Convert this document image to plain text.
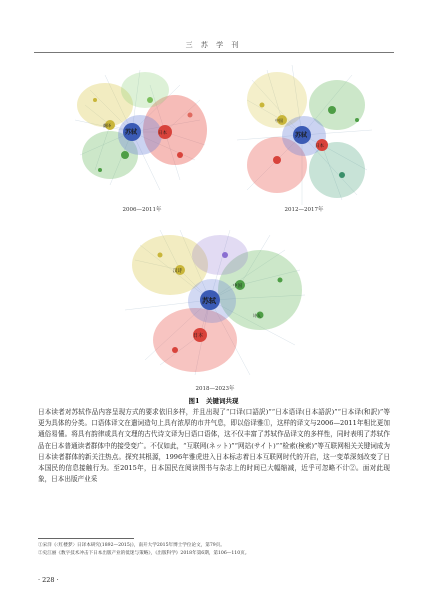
三 苏 学 刊
苏轼	日本
翻译
2006—2011年
苏轼
日本
中国
2012—2017年
苏轼
日本
汉诗
中国
诗人
2018—2023年
图1　关键词共现

日本读者对苏轼作品内容呈现方式的要求依旧多样，并且出现了“口译(口語訳)”“日本语译(日本語訳)”“日本译(和訳)”等更为具体的分类。口语体译文在遣词造句上具有浓厚的市井气息，即以俗译雅①，这样的译文与2006—2011年相比更加通俗易懂。将具有韵律或具有文理的古代诗文译为日语口语体，这不仅丰富了苏轼作品译文的多样性，同时表明了苏轼作品在日本普通读者群体中的接受变广。不仅如此，“互联网(ネット)”“网站(サイト)”“检索(検索)”等互联网相关关键词成为日本读者群体的新关注热点。探究其根源，1996年雅虎进入日本标志着日本互联网时代的开启，这一变革深刻改变了日本国民的信息接触行为。至2015年，日本国民在阅读图书与杂志上的时间已大幅缩减，近乎可忽略不计②。面对此现象，日本出版产业采

①宋洋《〈红楼梦〉日译本研究(1892—2015)》，南开大学2015年博士学位论文，第79页。
②史江丽《数字技术冲击下日本出版产业的低迷与策略》，《出版科学》2018年第6期，第106—110页。
· 228 ·
